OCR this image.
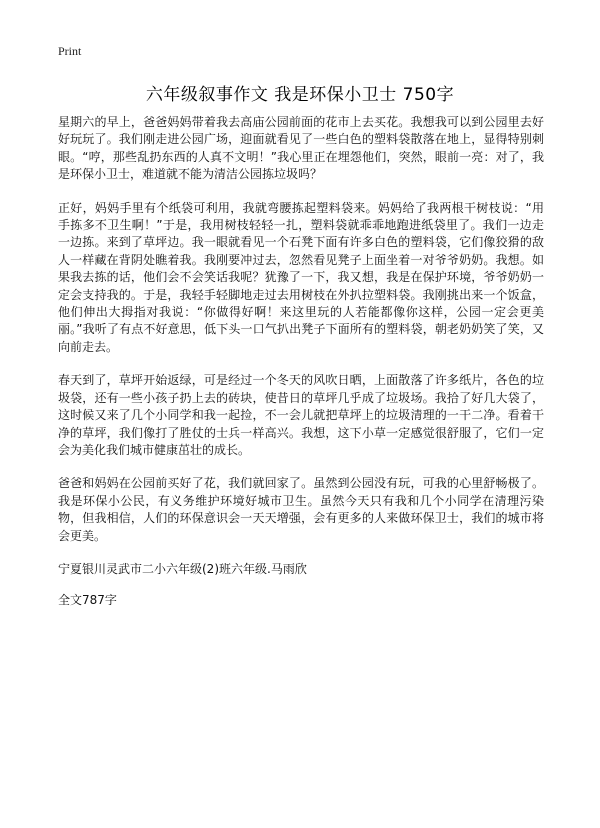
Print
六年级叙事作文 我是环保小卫士 750字

星期六的早上，爸爸妈妈带着我去高庙公园前面的花市上去买花。我想我可以到公园里去好好玩玩了。我们刚走进公园广场，迎面就看见了一些白色的塑料袋散落在地上，显得特别刺眼。“哼，那些乱扔东西的人真不文明！”我心里正在埋怨他们，突然，眼前一亮：对了，我是环保小卫士，难道就不能为清洁公园拣垃圾吗？

正好，妈妈手里有个纸袋可利用，我就弯腰拣起塑料袋来。妈妈给了我两根干树枝说：“用手拣多不卫生啊！”于是，我用树枝轻轻一扎，塑料袋就乖乖地跑进纸袋里了。我们一边走一边拣。来到了草坪边。我一眼就看见一个石凳下面有许多白色的塑料袋，它们像狡猾的敌人一样藏在背阴处瞧着我。我刚要冲过去，忽然看见凳子上面坐着一对爷爷奶奶。我想。如果我去拣的话，他们会不会笑话我呢？犹豫了一下，我又想，我是在保护环境，爷爷奶奶一定会支持我的。于是，我轻手轻脚地走过去用树枝在外扒拉塑料袋。我刚挑出来一个饭盒，他们伸出大拇指对我说：“你做得好啊！来这里玩的人若能都像你这样，公园一定会更美丽。”我听了有点不好意思，低下头一口气扒出凳子下面所有的塑料袋，朝老奶奶笑了笑，又向前走去。

春天到了，草坪开始返绿，可是经过一个冬天的风吹日晒，上面散落了许多纸片，各色的垃圾袋，还有一些小孩子扔上去的砖块，使昔日的草坪几乎成了垃圾场。我拾了好几大袋了，这时候又来了几个小同学和我一起捡，不一会儿就把草坪上的垃圾清理的一干二净。看着干净的草坪，我们像打了胜仗的士兵一样高兴。我想，这下小草一定感觉很舒服了，它们一定会为美化我们城市健康茁壮的成长。

爸爸和妈妈在公园前买好了花，我们就回家了。虽然到公园没有玩，可我的心里舒畅极了。我是环保小公民，有义务维护环境好城市卫生。虽然今天只有我和几个小同学在清理污染物，但我相信，人们的环保意识会一天天增强，会有更多的人来做环保卫士，我们的城市将会更美。

宁夏银川灵武市二小六年级(2)班六年级.马雨欣

全文787字
